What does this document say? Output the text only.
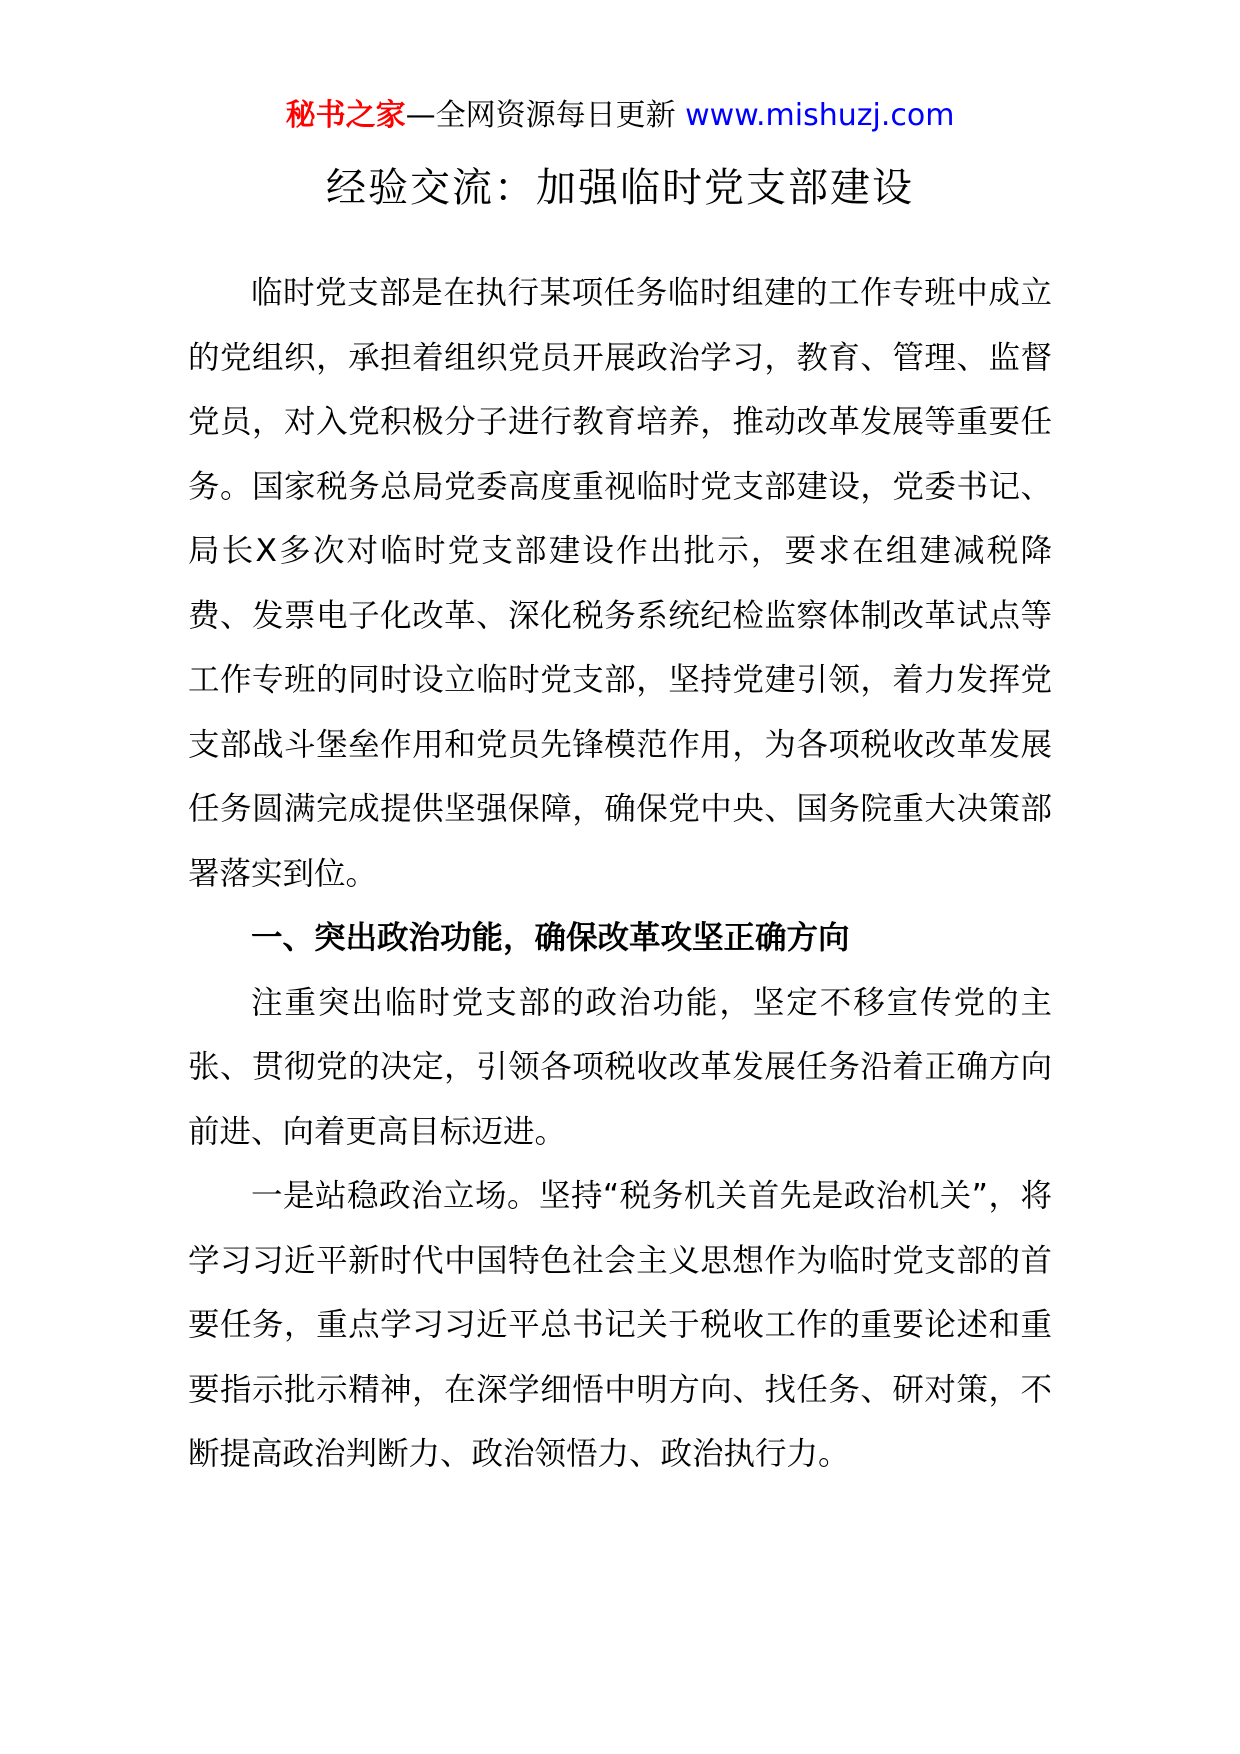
秘书之家—全网资源每日更新 www.mishuzj.com
经验交流：加强临时党支部建设

临时党支部是在执行某项任务临时组建的工作专班中成立的党组织，承担着组织党员开展政治学习，教育、管理、监督党员，对入党积极分子进行教育培养，推动改革发展等重要任务。国家税务总局党委高度重视临时党支部建设，党委书记、局长X多次对临时党支部建设作出批示，要求在组建减税降费、发票电子化改革、深化税务系统纪检监察体制改革试点等工作专班的同时设立临时党支部，坚持党建引领，着力发挥党支部战斗堡垒作用和党员先锋模范作用，为各项税收改革发展任务圆满完成提供坚强保障，确保党中央、国务院重大决策部署落实到位。

一、突出政治功能，确保改革攻坚正确方向

注重突出临时党支部的政治功能，坚定不移宣传党的主张、贯彻党的决定，引领各项税收改革发展任务沿着正确方向前进、向着更高目标迈进。

一是站稳政治立场。坚持“税务机关首先是政治机关”，将学习习近平新时代中国特色社会主义思想作为临时党支部的首要任务，重点学习习近平总书记关于税收工作的重要论述和重要指示批示精神，在深学细悟中明方向、找任务、研对策，不断提高政治判断力、政治领悟力、政治执行力。
